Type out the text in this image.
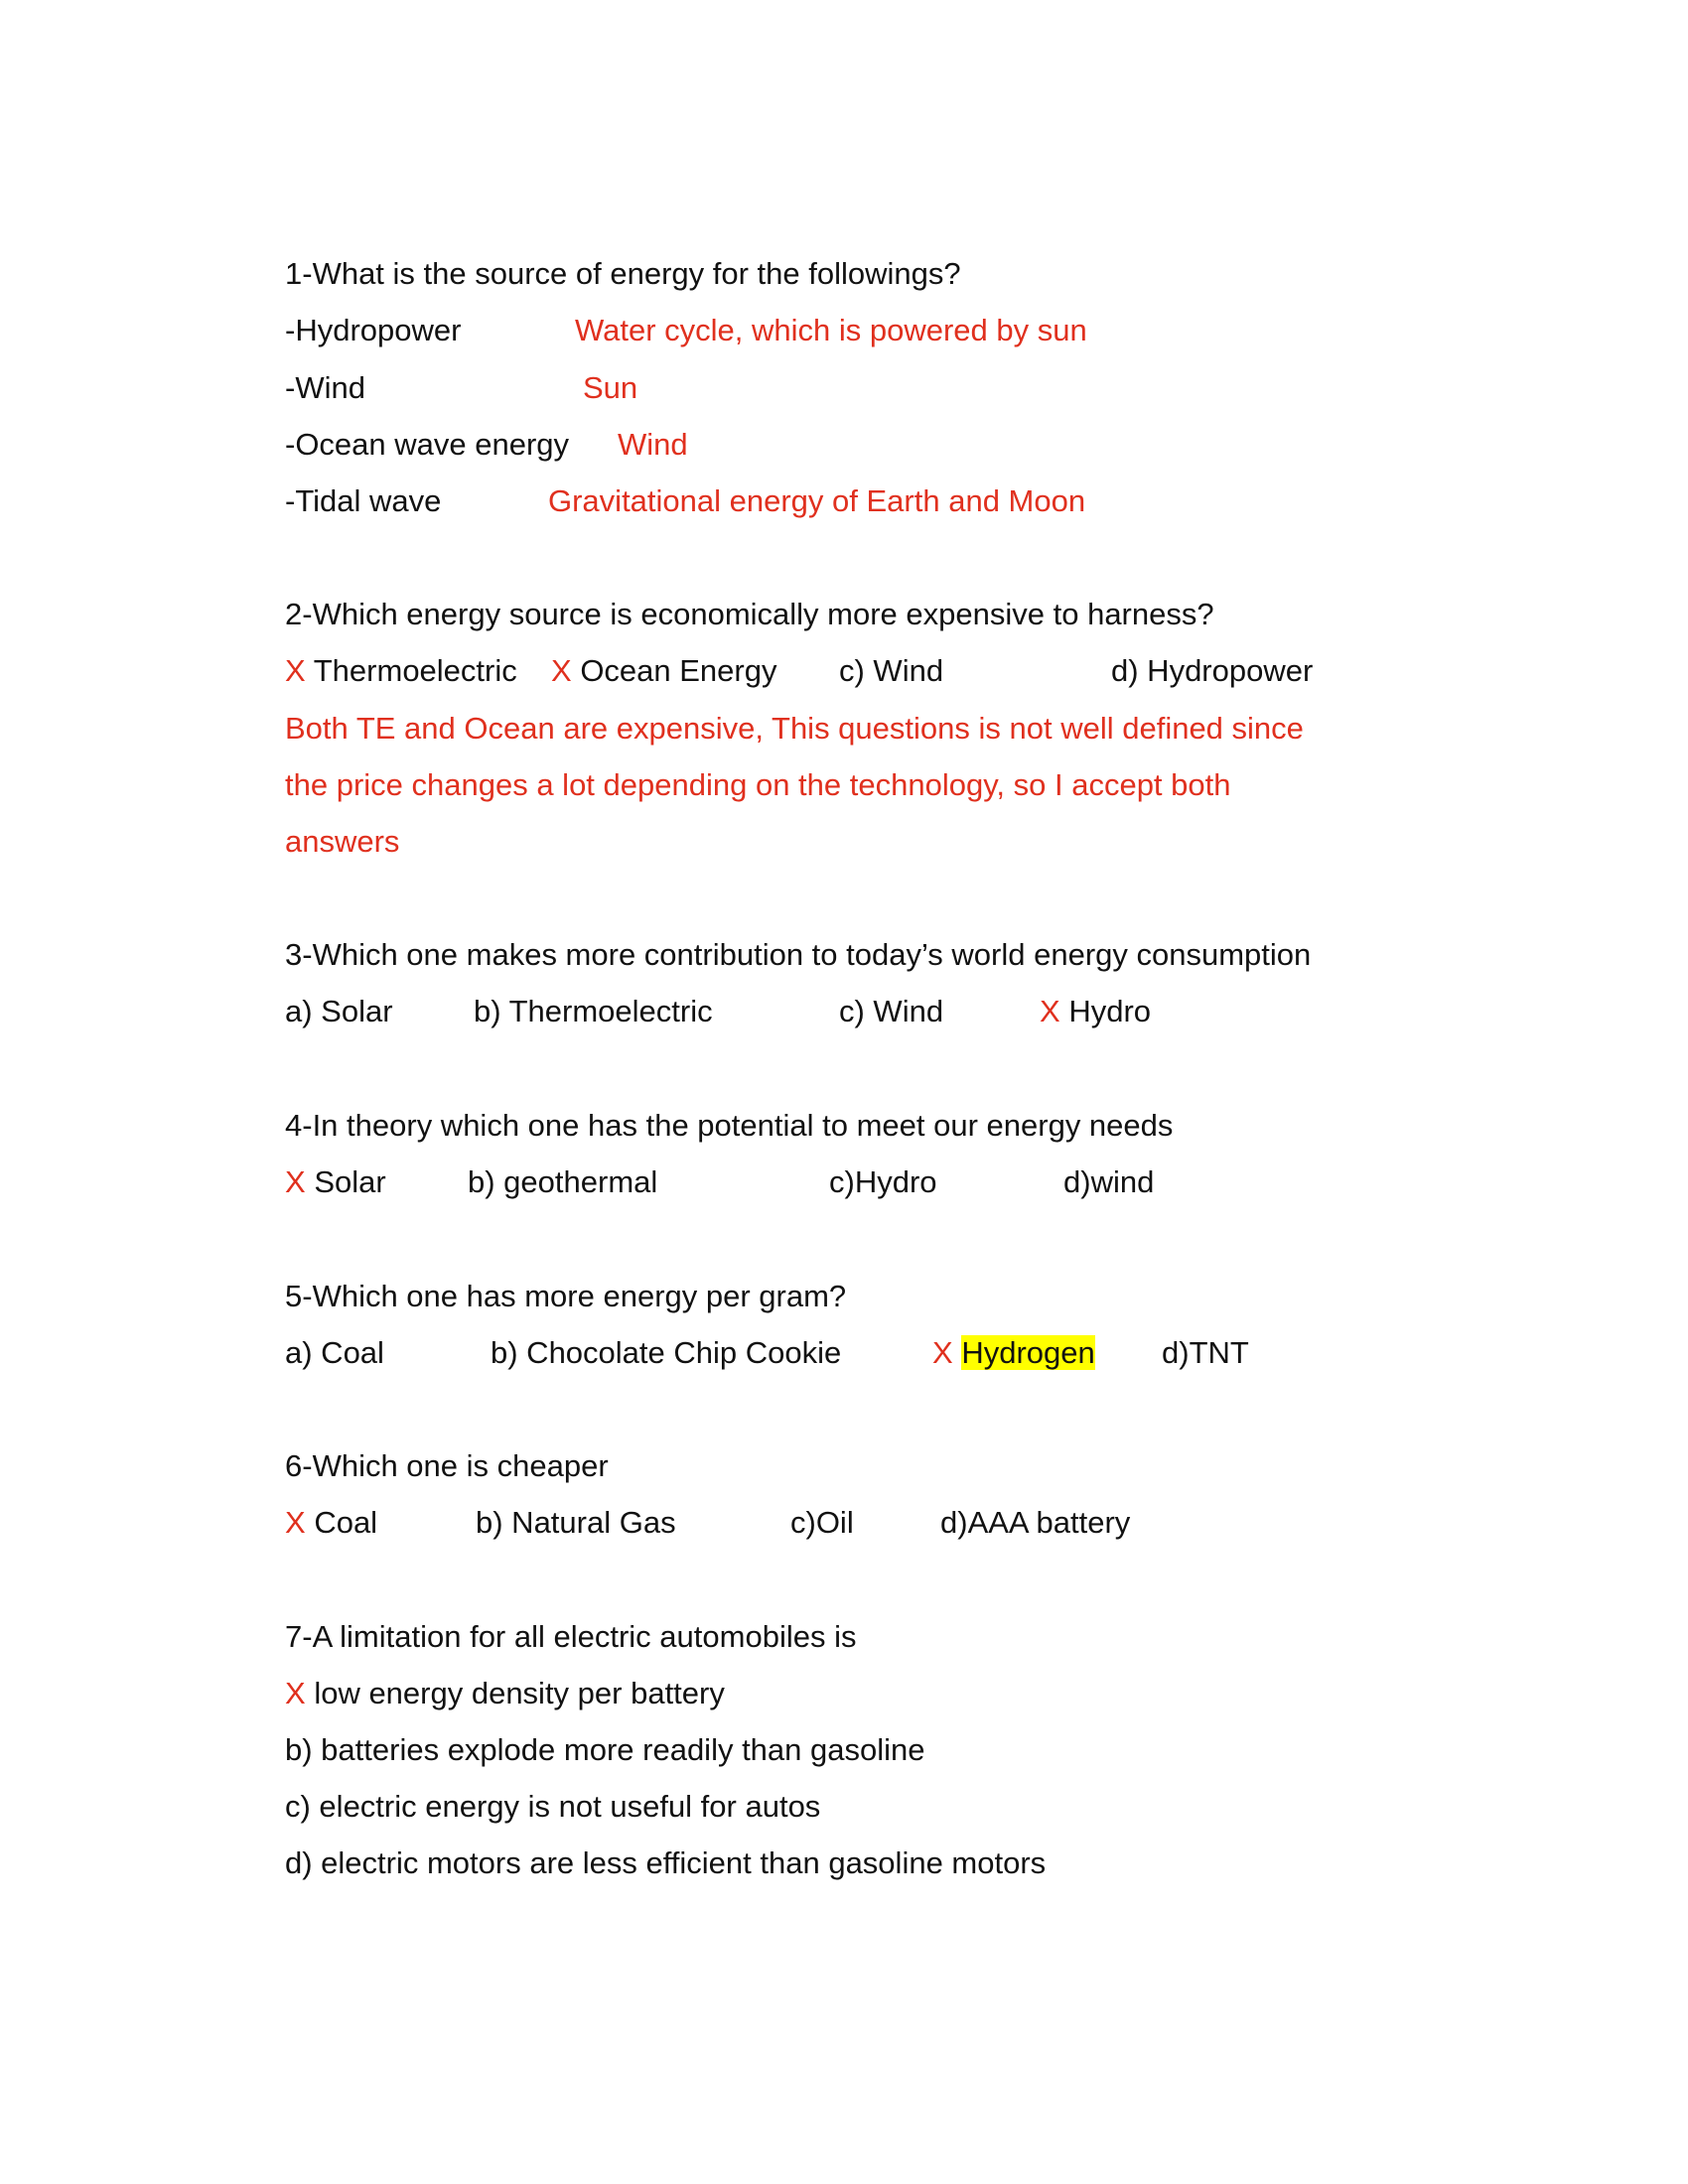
1-What is the source of energy for the followings?
-Hydropower	Water cycle, which is powered by sun
-Wind	Sun
-Ocean wave energy Wind
-Tidal wave	Gravitational energy of Earth and Moon
2-Which energy source is economically more expensive to harness?
X Thermoelectric X Ocean Energy c) Wind	d) Hydropower
Both TE and Ocean are expensive, This questions is not well defined since
the price changes a lot depending on the technology, so I accept both
answers
3-Which one makes more contribution to today’s world energy consumption
a) Solar	b) Thermoelectric	c) Wind	X Hydro
4-In theory which one has the potential to meet our energy needs
X Solar	b) geothermal	c)Hydro	d)wind
5-Which one has more energy per gram?
a) Coal	b) Chocolate Chip Cookie	X Hydrogen d)TNT
6-Which one is cheaper
X Coal	b) Natural Gas	c)Oil	d)AAA battery
7-A limitation for all electric automobiles is
X low energy density per battery
b) batteries explode more readily than gasoline
c) electric energy is not useful for autos
d) electric motors are less efficient than gasoline motors
